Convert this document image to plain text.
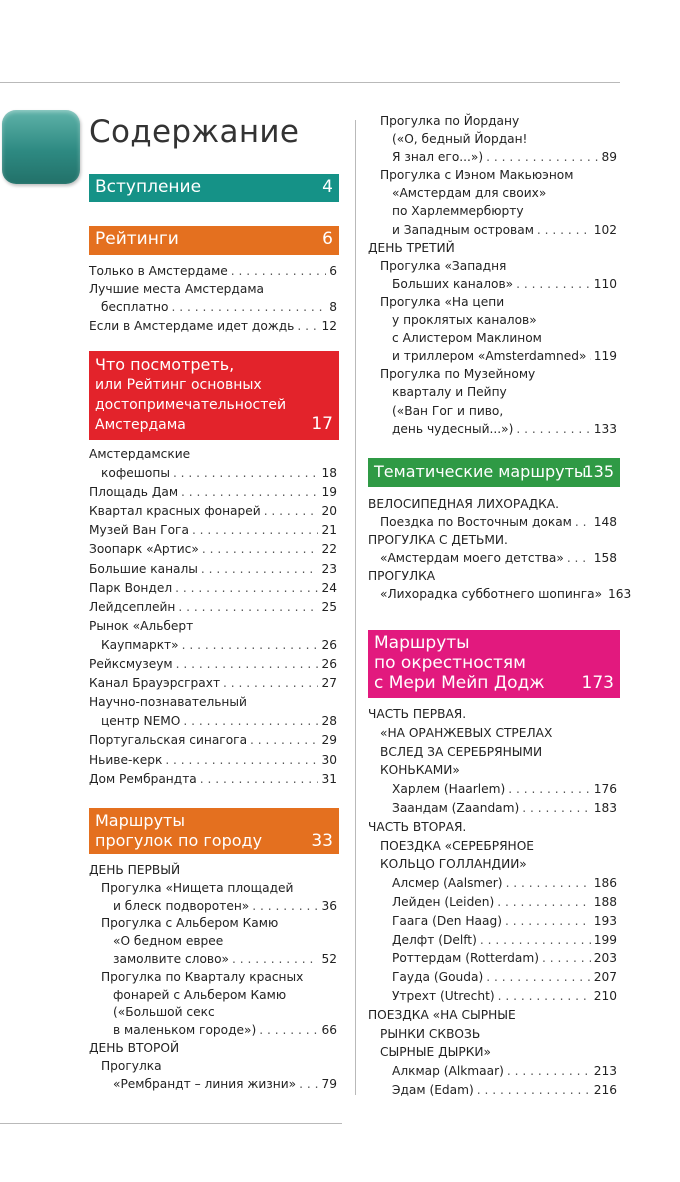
Содержание
Вступление	4
Рейтинги	6
Только в Амстердаме . . .	6
Лучшие места Амстердама
бесплатно . . .	8
Если в Амстердаме идет дождь . . . 12
Что посмотреть,
или Рейтинг основных
достопримечательностей
Амстердама	17
Амстердамские
кофешопы . . .	18
Площадь Дам . . .	19
Квартал красных фонарей . . .	20
Музей Ван Гога . . .	21
Зоопарк «Артис» . . .	22
Большие каналы . . .	23
Парк Вондел . . .	24
Лейдсеплейн . . .	25
Рынок «Альберт
Каупмаркт» . . .	26
Рейксмузеум . . .	26
Канал Брауэрсграхт . . .	27
Научно-познавательный
центр NEMO . . .	28
Португальская синагога . . .	29
Ньиве-керк . . .	30
Дом Рембрандта . . .	31
Маршруты
прогулок по городу	33
ДЕНЬ ПЕРВЫЙ
Прогулка «Нищета площадей
и блеск подворотен» . . .	36
Прогулка с Альбером Камю
«О бедном еврее
замолвите слово» . . .	52
Прогулка по Кварталу красных
фонарей с Альбером Камю
(«Большой секс
в маленьком городе») . . .	66
ДЕНЬ ВТОРОЙ
Прогулка
«Рембрандт – линия жизни» . . . 79
Прогулка по Йордану
(«О, бедный Йордан!
Я знал его...») . . .	89
Прогулка с Иэном Макьюэном
«Амстердам для своих»
по Харлеммербюрту
и Западным островам . . .	102
ДЕНЬ ТРЕТИЙ
Прогулка «Западня
Больших каналов» . . .	110
Прогулка «На цепи
у проклятых каналов»
с Алистером Маклином
и триллером «Amsterdamned» . . . 119
Прогулка по Музейному
кварталу и Пейпу
(«Ван Гог и пиво,
день чудесный...») . . .	133
Тематические маршруты
135
ВЕЛОСИПЕДНАЯ ЛИХОРАДКА.
Поездка по Восточным докам . . . 148
ПРОГУЛКА С ДЕТЬМИ.
«Амстердам моего детства» . . . 158
ПРОГУЛКА
«Лихорадка субботнего шопинга» 163
Маршруты
по окрестностям
с Мери Мейп Додж 173
ЧАСТЬ ПЕРВАЯ.
«НА ОРАНЖЕВЫХ СТРЕЛАХ
ВСЛЕД ЗА СЕРЕБРЯНЫМИ
КОНЬКАМИ»
Харлем (Haarlem) . . .	176
Заандам (Zaandam) . . .	183
ЧАСТЬ ВТОРАЯ.
ПОЕЗДКА «СЕРЕБРЯНОЕ
КОЛЬЦО ГОЛЛАНДИИ»
Алсмер (Aalsmer) . . .	186
Лейден (Leiden) . . .	188
Гаага (Den Haag) . . .	193
Делфт (Delft) . . .	199
Роттердам (Rotterdam) . . .	203
Гауда (Gouda) . . .	207
Утрехт (Utrecht) . . .	210
ПОЕЗДКА «НА СЫРНЫЕ
РЫНКИ СКВОЗЬ
СЫРНЫЕ ДЫРКИ»
Алкмар (Alkmaar) . . .	213
Эдам (Edam) . . .	216
